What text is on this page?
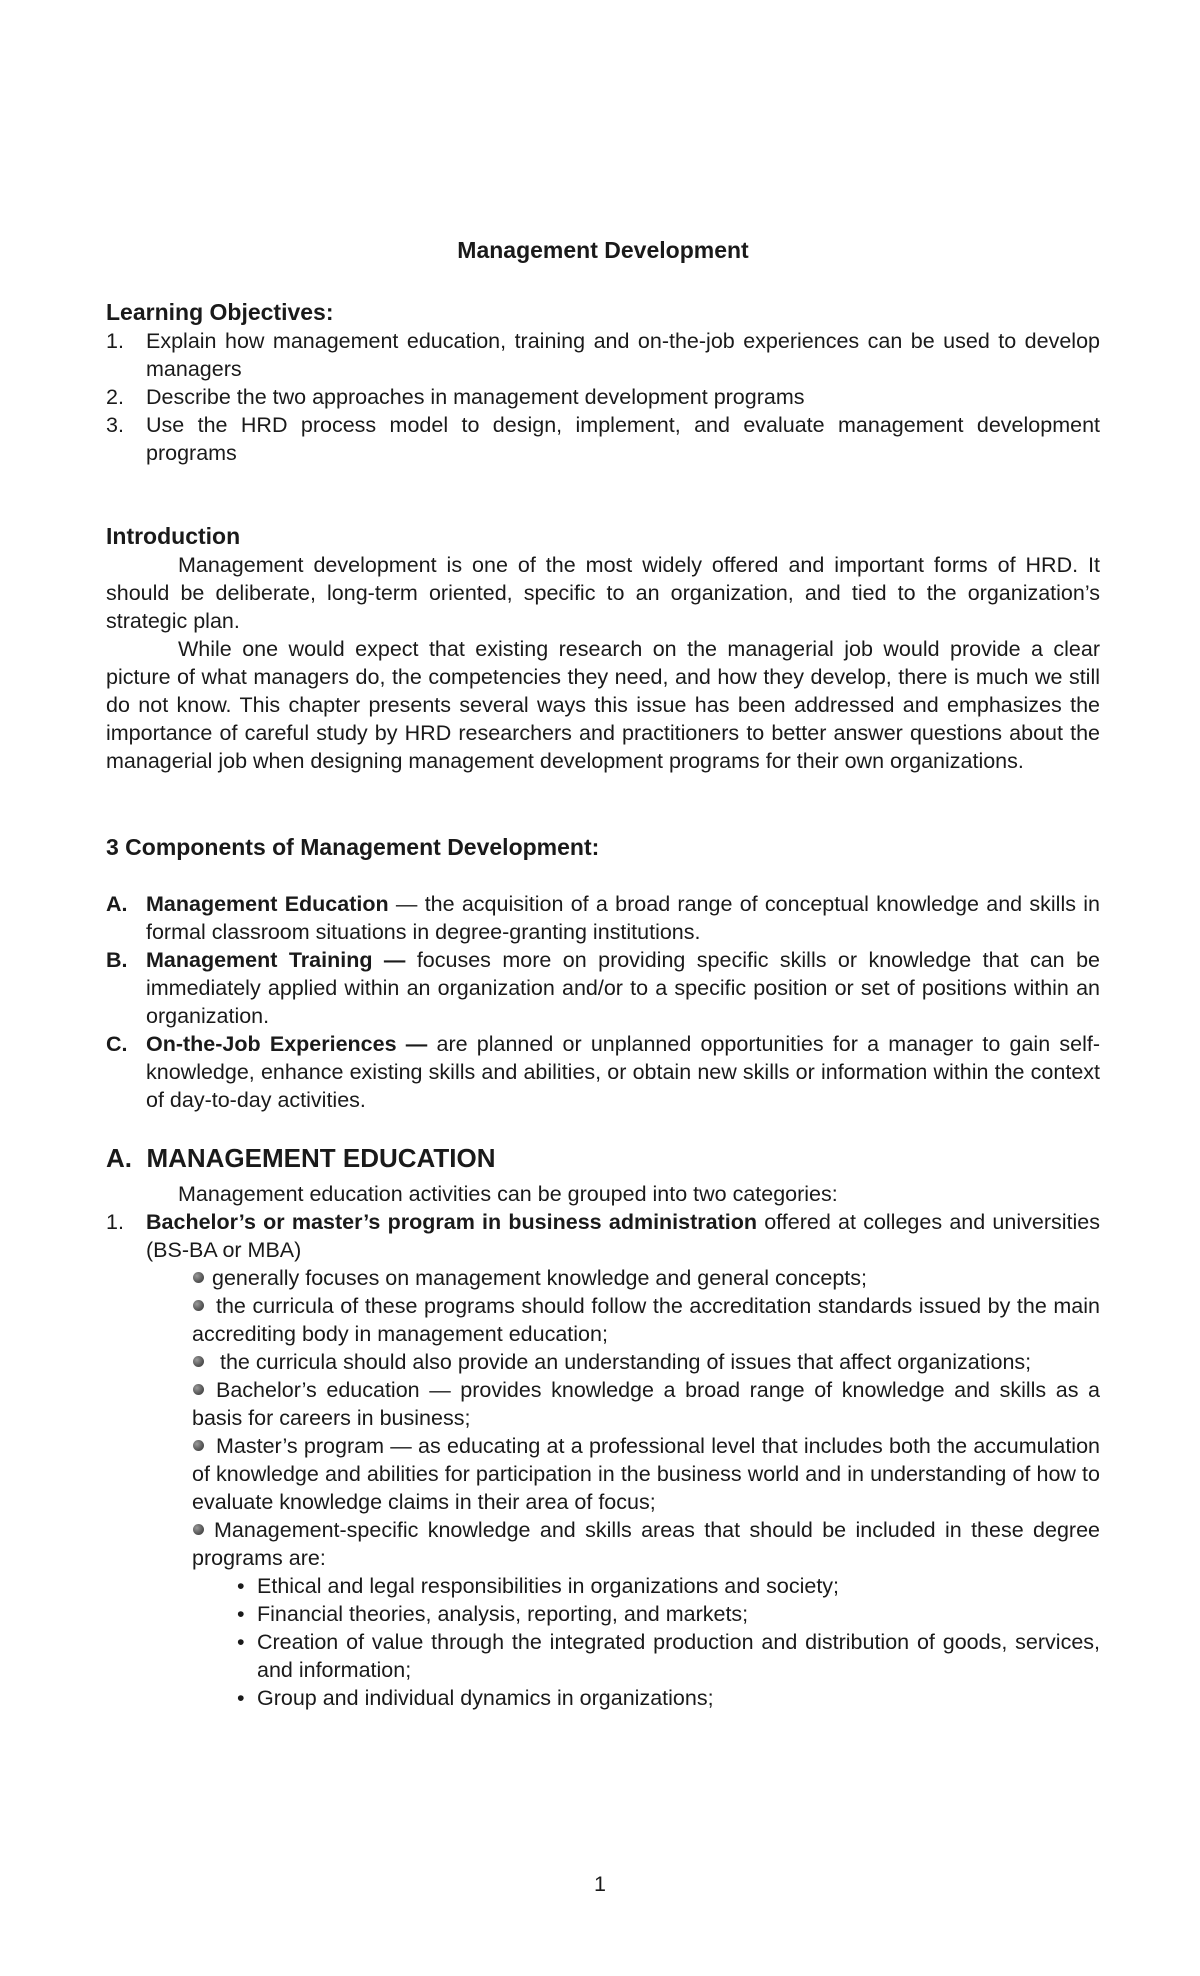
Management Development
Learning Objectives:
1. Explain how management education, training and on-the-job experiences can be used to develop managers
2. Describe the two approaches in management development programs
3. Use the HRD process model to design, implement, and evaluate management development programs
Introduction

Management development is one of the most widely offered and important forms of HRD. It should be deliberate, long-term oriented, specific to an organization, and tied to the organization’s strategic plan.

While one would expect that existing research on the managerial job would provide a clear picture of what managers do, the competencies they need, and how they develop, there is much we still do not know. This chapter presents several ways this issue has been addressed and emphasizes the importance of careful study by HRD researchers and practitioners to better answer questions about the managerial job when designing management development programs for their own organizations.

3 Components of Management Development:
A. Management Education — the acquisition of a broad range of conceptual knowledge and skills in formal classroom situations in degree-granting institutions.
B. Management Training — focuses more on providing specific skills or knowledge that can be immediately applied within an organization and/or to a specific position or set of positions within an organization.
C. On-the-Job Experiences — are planned or unplanned opportunities for a manager to gain self-knowledge, enhance existing skills and abilities, or obtain new skills or information within the context of day-to-day activities.
A.  MANAGEMENT EDUCATION
Management education activities can be grouped into two categories:
1. Bachelor’s or master’s program in business administration offered at colleges and universities (BS-BA or MBA)
generally focuses on management knowledge and general concepts;
the curricula of these programs should follow the accreditation standards issued by the main accrediting body in management education;
the curricula should also provide an understanding of issues that affect organizations;
Bachelor’s education — provides knowledge a broad range of knowledge and skills as a basis for careers in business;
Master’s program — as educating at a professional level that includes both the accumulation of knowledge and abilities for participation in the business world and in understanding of how to evaluate knowledge claims in their area of focus;
Management-specific knowledge and skills areas that should be included in these degree programs are:
• Ethical and legal responsibilities in organizations and society;
• Financial theories, analysis, reporting, and markets;
• Creation of value through the integrated production and distribution of goods, services, and information;
• Group and individual dynamics in organizations;
1
